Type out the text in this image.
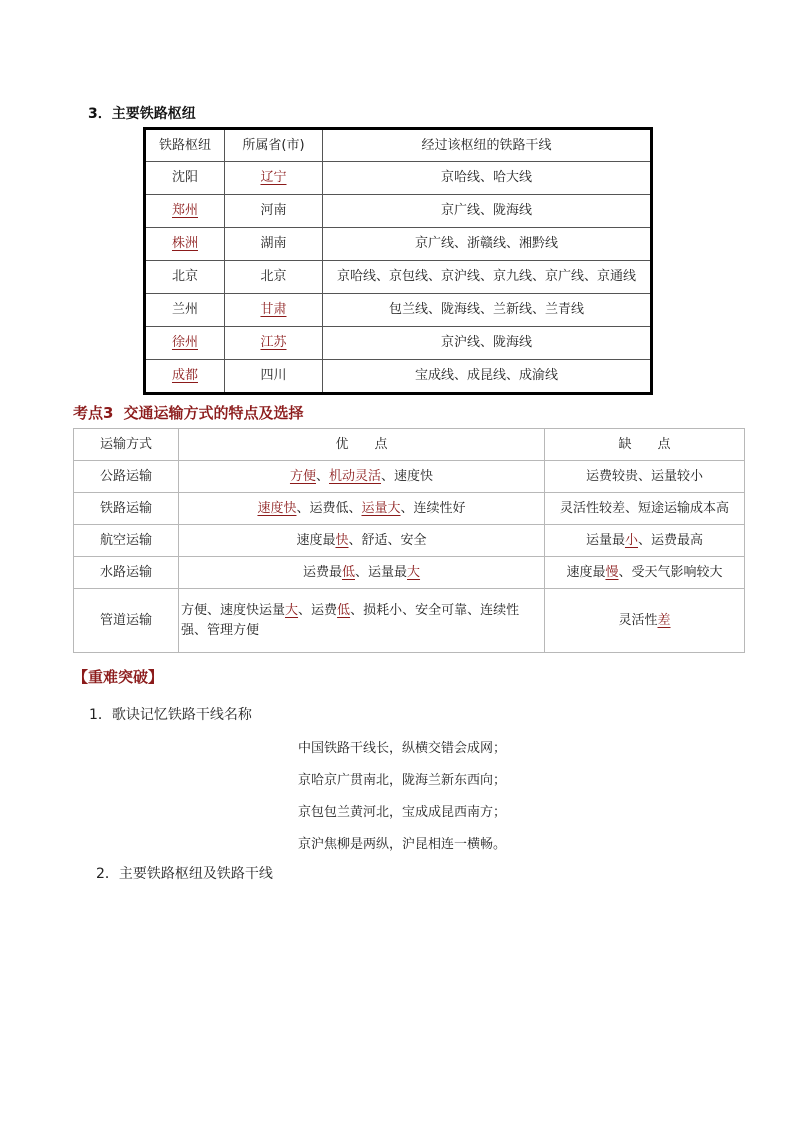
3．主要铁路枢纽
铁路枢纽	所属省(市)	经过该枢纽的铁路干线
沈阳	辽宁	京哈线、哈大线
郑州	河南	京广线、陇海线
株洲	湖南	京广线、浙赣线、湘黔线
北京	北京	京哈线、京包线、京沪线、京九线、京广线、京通线
兰州	甘肃	包兰线、陇海线、兰新线、兰青线
徐州	江苏	京沪线、陇海线
成都	四川	宝成线、成昆线、成渝线
考点3 交通运输方式的特点及选择
运输方式	优　　点	缺　　点
公路运输	方便、机动灵活、速度快	运费较贵、运量较小
铁路运输	速度快、运费低、运量大、连续性好	灵活性较差、短途运输成本高
航空运输	速度最快、舒适、安全	运量最小、运费最高
水路运输	运费最低、运量最大	速度最慢、受天气影响较大
管道运输	方便、速度快运量大、运费低、损耗小、安全可靠、连续性强、管理方便	灵活性差
【重难突破】
1．歌诀记忆铁路干线名称
中国铁路干线长，纵横交错会成网；
京哈京广贯南北，陇海兰新东西向；
京包包兰黄河北，宝成成昆西南方；
京沪焦柳是两纵，沪昆相连一横畅。
2．主要铁路枢纽及铁路干线
